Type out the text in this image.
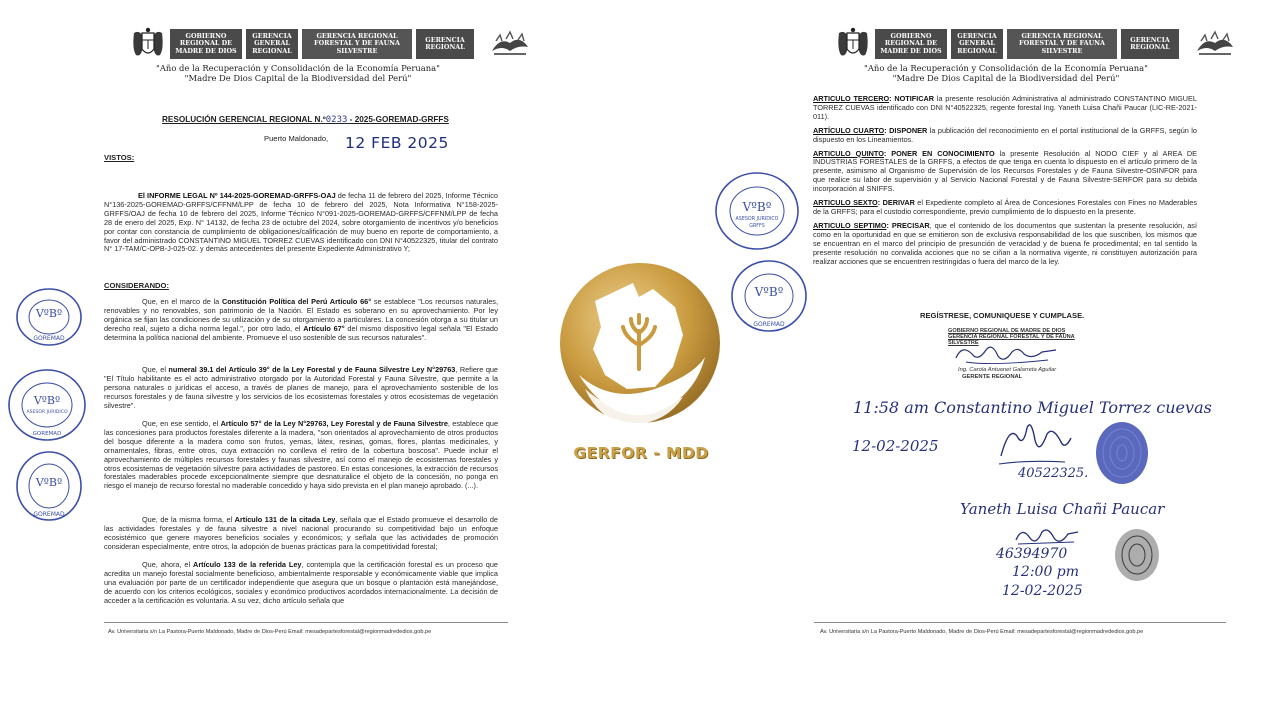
GOBIERNO REGIONAL DE MADRE DE DIOS
GERENCIA GENERAL REGIONAL
GERENCIA REGIONAL FORESTAL Y DE FAUNA SILVESTRE
GERENCIA REGIONAL
"Año de la Recuperación y Consolidación de la Economía Peruana"
"Madre De Dios Capital de la Biodiversidad del Perú"
RESOLUCIÓN GERENCIAL REGIONAL N.º0233 - 2025-GOREMAD-GRFFS
Puerto Maldonado, 12 FEB 2025
VISTOS:
El INFORME LEGAL Nº 144-2025-GOREMAD-GRFFS-OAJ de fecha 11 de febrero del 2025, Informe Técnico N°136-2025-GOREMAD-GRFFS/CFFNM/LPP de fecha 10 de febrero del 2025, Nota Informativa N°158-2025-GRFFS/OAJ de fecha 10 de febrero del 2025, Informe Técnico N°091-2025-GOREMAD-GRFFS/CFFNM/LPP de fecha 28 de enero del 2025, Exp. N° 14132, de fecha 23 de octubre del 2024, sobre otorgamiento de incentivos y/o beneficios por contar con constancia de cumplimiento de obligaciones/calificación de muy bueno en reporte de comportamiento, a favor del administrado CONSTANTINO MIGUEL TORREZ CUEVAS identificado con DNI N°40522325, titular del contrato N° 17-TAM/C-OPB-J-025-02. y demás antecedentes del presente Expediente Administrativo Y;
CONSIDERANDO:
Que, en el marco de la Constitución Política del Perú Artículo 66° se establece "Los recursos naturales, renovables y no renovables, son patrimonio de la Nación. El Estado es soberano en su aprovechamiento. Por ley orgánica se fijan las condiciones de su utilización y de su otorgamiento a particulares. La concesión otorga a su titular un derecho real, sujeto a dicha norma legal.", por otro lado, el Artículo 67° del mismo dispositivo legal señala "El Estado determina la política nacional del ambiente. Promueve el uso sostenible de sus recursos naturales".
Que, el numeral 39.1 del Artículo 39° de la Ley Forestal y de Fauna Silvestre Ley N°29763, Refiere que "El Título habilitante es el acto administrativo otorgado por la Autoridad Forestal y Fauna Silvestre, que permite a la persona naturales o jurídicas el acceso, a través de planes de manejo, para el aprovechamiento sostenible de los recursos forestales y de fauna silvestre y los servicios de los ecosistemas forestales y otros ecosistemas de vegetación silvestre".
Que, en ese sentido, el Artículo 57° de la Ley N°29763, Ley Forestal y de Fauna Silvestre, establece que las concesiones para productos forestales diferente a la madera, "son orientados al aprovechamiento de otros productos del bosque diferente a la madera como son frutos, yemas, látex, resinas, gomas, flores, plantas medicinales, y ornamentales, fibras, entre otros, cuya extracción no conlleva el retiro de la cobertura boscosa". Puede incluir el aprovechamiento de múltiples recursos forestales y faunas silvestre, así como el manejo de ecosistemas forestales y otros ecosistemas de vegetación silvestre para actividades de pastoreo. En estas concesiones, la extracción de recursos forestales maderables procede excepcionalmente siempre que desnaturalice el objeto de la concesión, no ponga en riesgo el manejo de recurso forestal no maderable concedido y haya sido prevista en el plan manejo aprobado. (...).
Que, de la misma forma, el Artículo 131 de la citada Ley, señala que el Estado promueve el desarrollo de las actividades forestales y de fauna silvestre a nivel nacional procurando su competitividad bajo un enfoque ecosistémico que genere mayores beneficios sociales y económicos; y señala que las actividades de promoción consideran especialmente, entre otros, la adopción de buenas prácticas para la competitividad forestal;
Que, ahora, el Artículo 133 de la referida Ley, contempla que la certificación forestal es un proceso que acredita un manejo forestal socialmente beneficioso, ambientalmente responsable y económicamente viable que implica una evaluación por parte de un certificador independiente que asegura que un bosque o plantación está manejándose, de acuerdo con los criterios ecológicos, sociales y económico productivos acordados internacionalmente. La decisión de acceder a la certificación es voluntaria. A su vez, dicho artículo señala que
Av. Universitaria s/n La Pastora-Puerto Maldonado, Madre de Dios-Perú Email: mesadepartesforestal@regionmadrededios.gob.pe
VºBº
GOREMAD
VºBº
ASESOR JURIDICO
GOREMAD
VºBº
GOREMAD
GOBIERNO REGIONAL DE MADRE DE DIOS
GERENCIA GENERAL REGIONAL
GERENCIA REGIONAL FORESTAL Y DE FAUNA SILVESTRE
GERENCIA REGIONAL
"Año de la Recuperación y Consolidación de la Economía Peruana"
"Madre De Dios Capital de la Biodiversidad del Perú"
Av. Universitaria s/n La Pastora-Puerto Maldonado, Madre de Dios-Perú Email: mesadepartesforestal@regionmadrededios.gob.pe

ARTICULO TERCERO: NOTIFICAR la presente resolución Administrativa al administrado CONSTANTINO MIGUEL TORREZ CUEVAS identificado con DNI N°40522325, regente forestal Ing. Yaneth Luisa Chañi Paucar (LIC-RE-2021-011).

ARTÍCULO CUARTO: DISPONER la publicación del reconocimiento en el portal institucional de la GRFFS, según lo dispuesto en los Lineamientos.

ARTICULO QUINTO: PONER EN CONOCIMIENTO la presente Resolución al NODO CIEF y al AREA DE INDUSTRIAS FORESTALES de la GRFFS, a efectos de que tenga en cuenta lo dispuesto en el artículo primero de la presente, asimismo al Organismo de Supervisión de los Recursos Forestales y de Fauna Silvestre-OSINFOR para que realice su labor de supervisión y al Servicio Nacional Forestal y de Fauna Silvestre-SERFOR para su debida incorporación al SNIFFS.

ARTICULO SEXTO: DERIVAR el Expediente completo al Área de Concesiones Forestales con Fines no Maderables de la GRFFS; para el custodio correspondiente, previo cumplimiento de lo dispuesto en la presente.

ARTICULO SEPTIMO: PRECISAR, que el contenido de los documentos que sustentan la presente resolución, así como en la oportunidad en que se emitieron son de exclusiva responsabilidad de los que suscriben, los mismos que se encuentran en el marco del principio de presunción de veracidad y de buena fe procedimental; en tal sentido la presente resolución no convalida acciones que no se ciñan a la normativa vigente, ni constituyen autorización para realizar acciones que se encuentren restringidas o fuera del marco de la ley.

REGÍSTRESE, COMUNIQUESE Y CUMPLASE.
GOBIERNO REGIONAL DE MADRE DE DIOS
GERENCIA REGIONAL FORESTAL Y DE FAUNA SILVESTRE
Ing. Carola Antuanet Galarreta Aguilar
GERENTE REGIONAL
VºBº
ASESOR JURIDICO
GRFFS
VºBº
GOREMAD
11:58 am Constantino Miguel Torrez cuevas
12-02-2025
40522325.
Yaneth Luisa Chañi Paucar
46394970
12:00 pm
12-02-2025
GERFOR - MDD
